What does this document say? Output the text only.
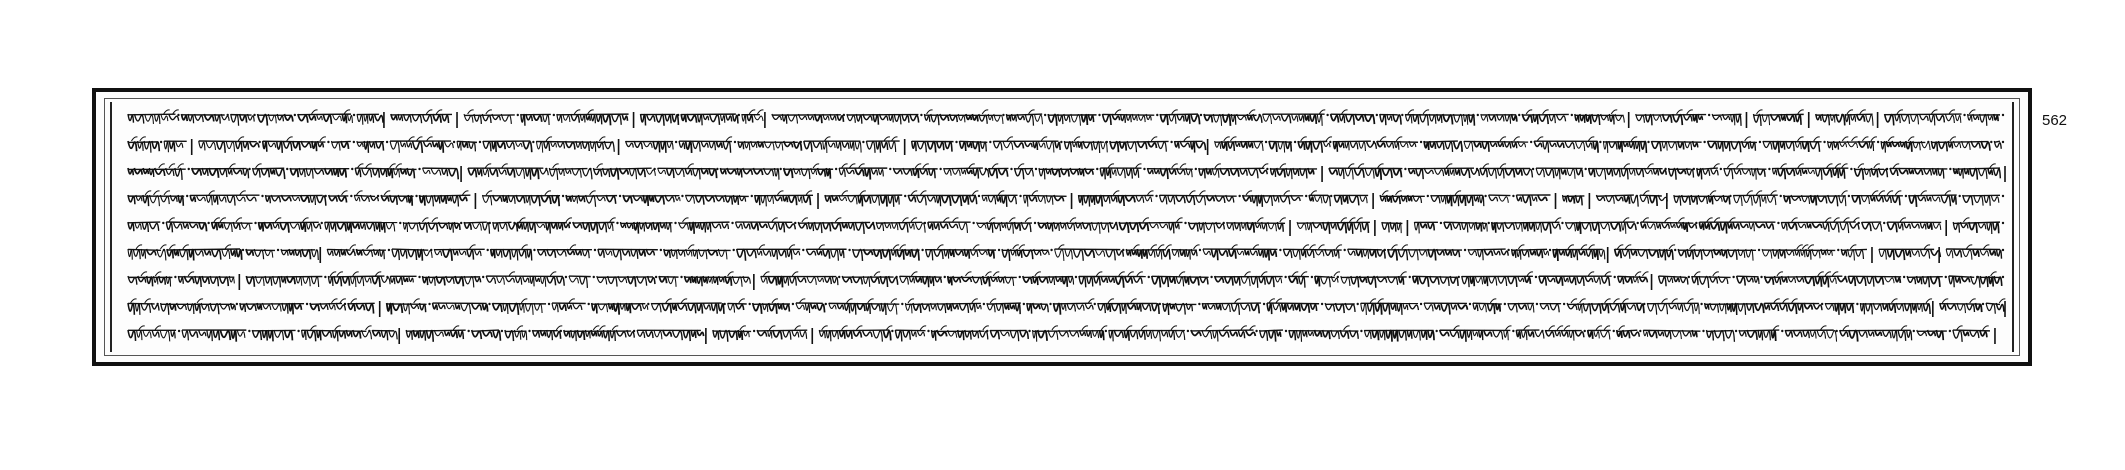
562
